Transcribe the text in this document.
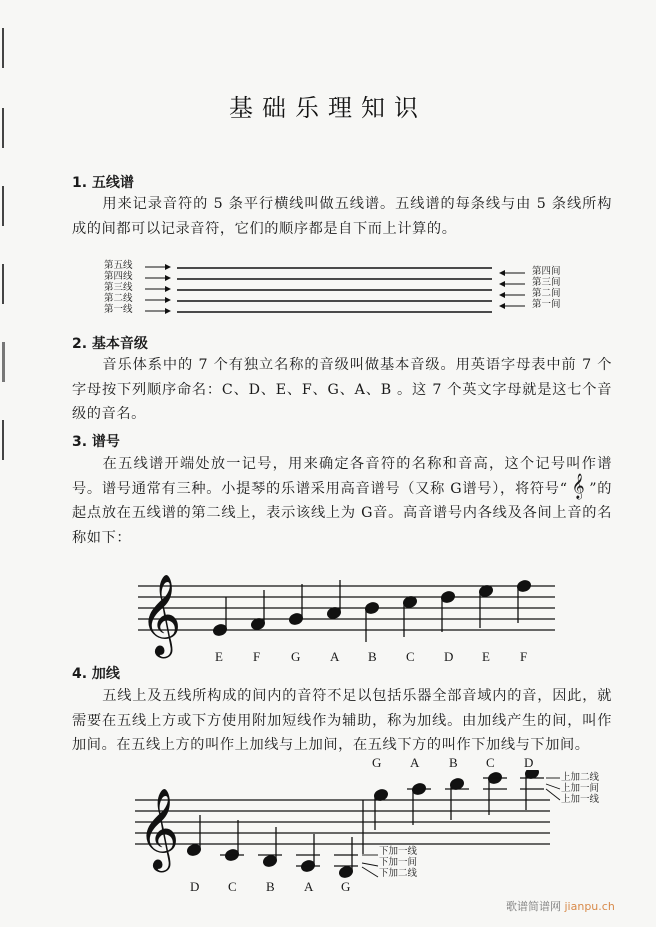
基础乐理知识
1. 五线谱
用来记录音符的 5 条平行横线叫做五线谱。五线谱的每条线与由 5 条线所构成的间都可以记录音符，它们的顺序都是自下而上计算的。
第五线
第四线
第三线
第二线
第一线
第四间
第三间
第二间
第一间
2. 基本音级
音乐体系中的 7 个有独立名称的音级叫做基本音级。用英语字母表中前 7 个字母按下列顺序命名：C、D、E、F、G、A、B 。这 7 个英文字母就是这七个音级的音名。
3. 谱号
在五线谱开端处放一记号，用来确定各音符的名称和音高，这个记号叫作谱号。谱号通常有三种。小提琴的乐谱采用高音谱号（又称 G谱号），将符号“ 𝄞 ”的起点放在五线谱的第二线上，表示该线上为 G音。高音谱号内各线及各间上音的名称如下：
𝄞
E F G A B C D E F
4. 加线
五线上及五线所构成的间内的音符不足以包括乐器全部音域内的音，因此，就需要在五线上方或下方使用附加短线作为辅助，称为加线。由加线产生的间，叫作加间。在五线上方的叫作上加线与上加间，在五线下方的叫作下加线与下加间。
G A B C D
𝄞	下加一线
下加一间
下加二线
上加二线
上加一间
上加一线
D C B A G
歌谱简谱网 jianpu.ch
